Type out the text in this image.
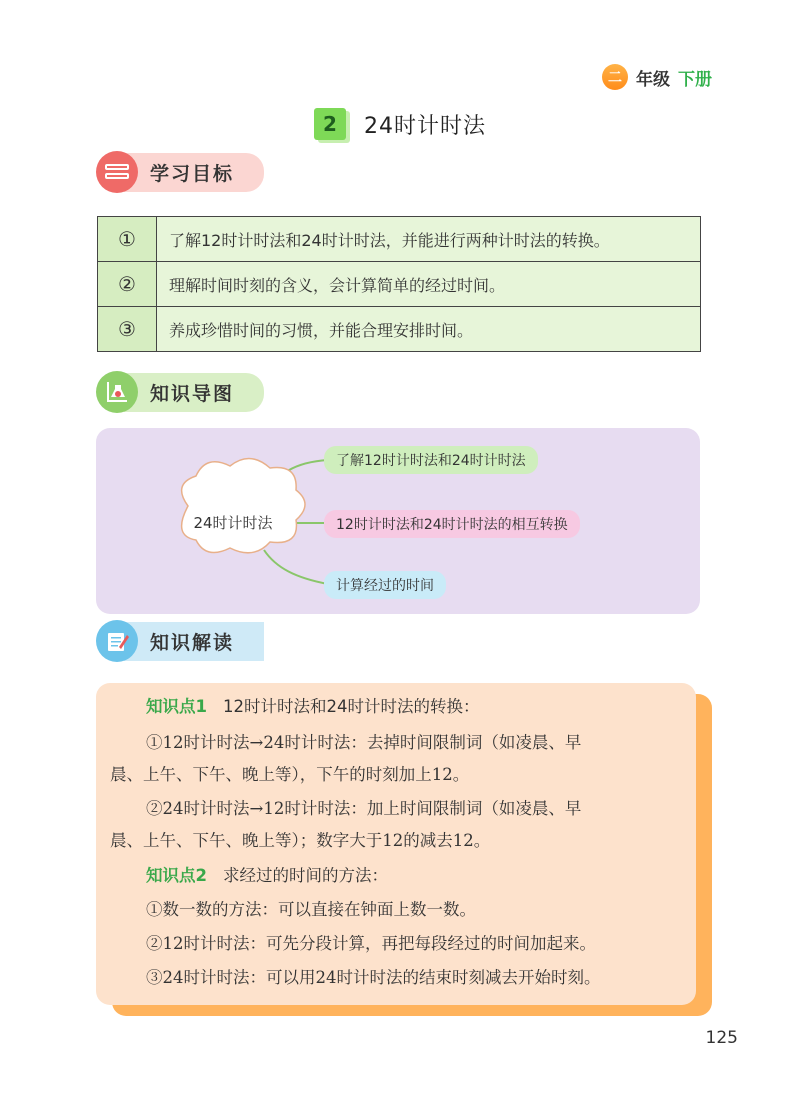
二 年级 下册
2	24时计时法
学习目标
①	了解12时计时法和24时计时法，并能进行两种计时法的转换。
②	理解时间时刻的含义，会计算简单的经过时间。
③	养成珍惜时间的习惯，并能合理安排时间。
知识导图
24时计时法
了解12时计时法和24时计时法
12时计时法和24时计时法的相互转换
计算经过的时间
知识解读
知识点1 12时计时法和24时计时法的转换：
①12时计时法→24时计时法：去掉时间限制词（如凌晨、早
晨、上午、下午、晚上等），下午的时刻加上12。
②24时计时法→12时计时法：加上时间限制词（如凌晨、早
晨、上午、下午、晚上等）；数字大于12的减去12。
知识点2 求经过的时间的方法：
①数一数的方法：可以直接在钟面上数一数。
②12时计时法：可先分段计算，再把每段经过的时间加起来。
③24时计时法：可以用24时计时法的结束时刻减去开始时刻。
125
